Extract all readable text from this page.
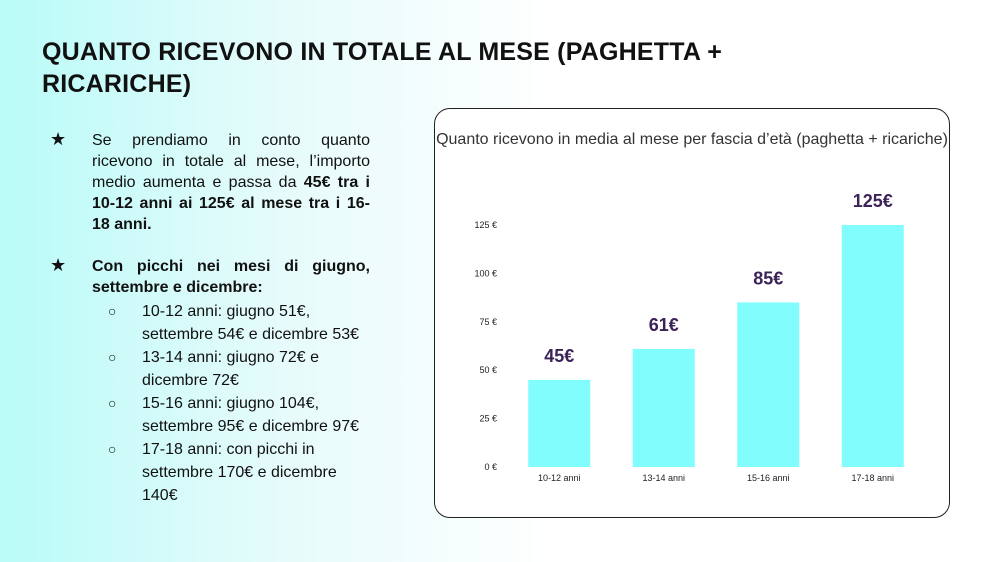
QUANTO RICEVONO IN TOTALE AL MESE (PAGHETTA + RICARICHE)
★ Se prendiamo in conto quanto ricevono in totale al mese, l’importo medio aumenta e passa da 45€ tra i 10-12 anni ai 125€ al mese tra i 16-18 anni.

★ Con picchi nei mesi di giugno, settembre e dicembre:

○ 10-12 anni: giugno 51€, settembre 54€ e dicembre 53€
○ 13-14 anni: giugno 72€ e dicembre 72€
○ 15-16 anni: giugno 104€, settembre 95€ e dicembre 97€
○ 17-18 anni: con picchi in settembre 170€ e dicembre 140€
Quanto ricevono in media al mese per fascia d’età (paghetta + ricariche)
0 €
25 €
50 €
75 €
100 €
125 €
45€
10-12 anni
61€
13-14 anni
85€
15-16 anni
125€
17-18 anni
